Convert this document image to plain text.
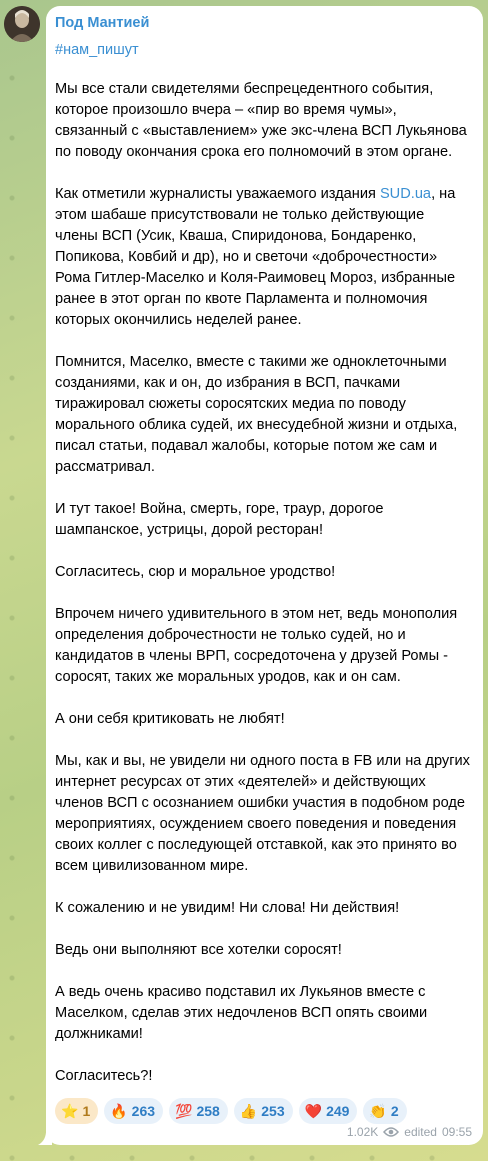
Под Мантией
#нам_пишут
Мы все стали свидетелями беспрецедентного события, которое произошло вчера – «пир во время чумы», связанный с «выставлением» уже экс-члена ВСП Лукьянова по поводу окончания срока его полномочий в этом органе.
Как отметили журналисты уважаемого издания SUD.ua, на этом шабаше присутствовали не только действующие члены ВСП (Усик, Кваша, Спиридонова, Бондаренко, Попикова, Ковбий и др), но и светочи «доброчестности» Рома Гитлер-Маселко и Коля-Раимовец Мороз, избранные ранее в этот орган по квоте Парламента и полномочия которых окончились неделей ранее.
Помнится, Маселко, вместе с такими же одноклеточными созданиями, как и он, до избрания в ВСП, пачками тиражировал сюжеты соросятских медиа по поводу морального облика судей, их внесудебной жизни и отдыха, писал статьи, подавал жалобы, которые потом же сам и рассматривал.
И тут такое! Война, смерть, горе, траур, дорогое шампанское, устрицы, дорой ресторан!
Согласитесь, сюр и моральное уродство!
Впрочем ничего удивительного в этом нет, ведь монополия определения доброчестности не только судей, но и кандидатов в члены ВРП, сосредоточена у друзей Ромы - соросят, таких же моральных уродов, как и он сам.
А они себя критиковать не любят!
Мы, как и вы, не увидели ни одного поста в FB или на других интернет ресурсах от этих «деятелей» и действующих членов ВСП с осознанием ошибки участия в подобном роде мероприятиях, осуждением своего поведения и поведения своих коллег с последующей отставкой, как это принято во всем цивилизованном мире.
К сожалению и не увидим! Ни слова! Ни действия!
Ведь они выполняют все хотелки соросят!
А ведь очень красиво подставил их Лукьянов вместе с Маселком, сделав этих недочленов ВСП опять своими должниками!
Согласитесь?!
⭐ 1 🔥 263 💯 258 👍 253 ❤️ 249 👏 2
1.02K edited 09:55
